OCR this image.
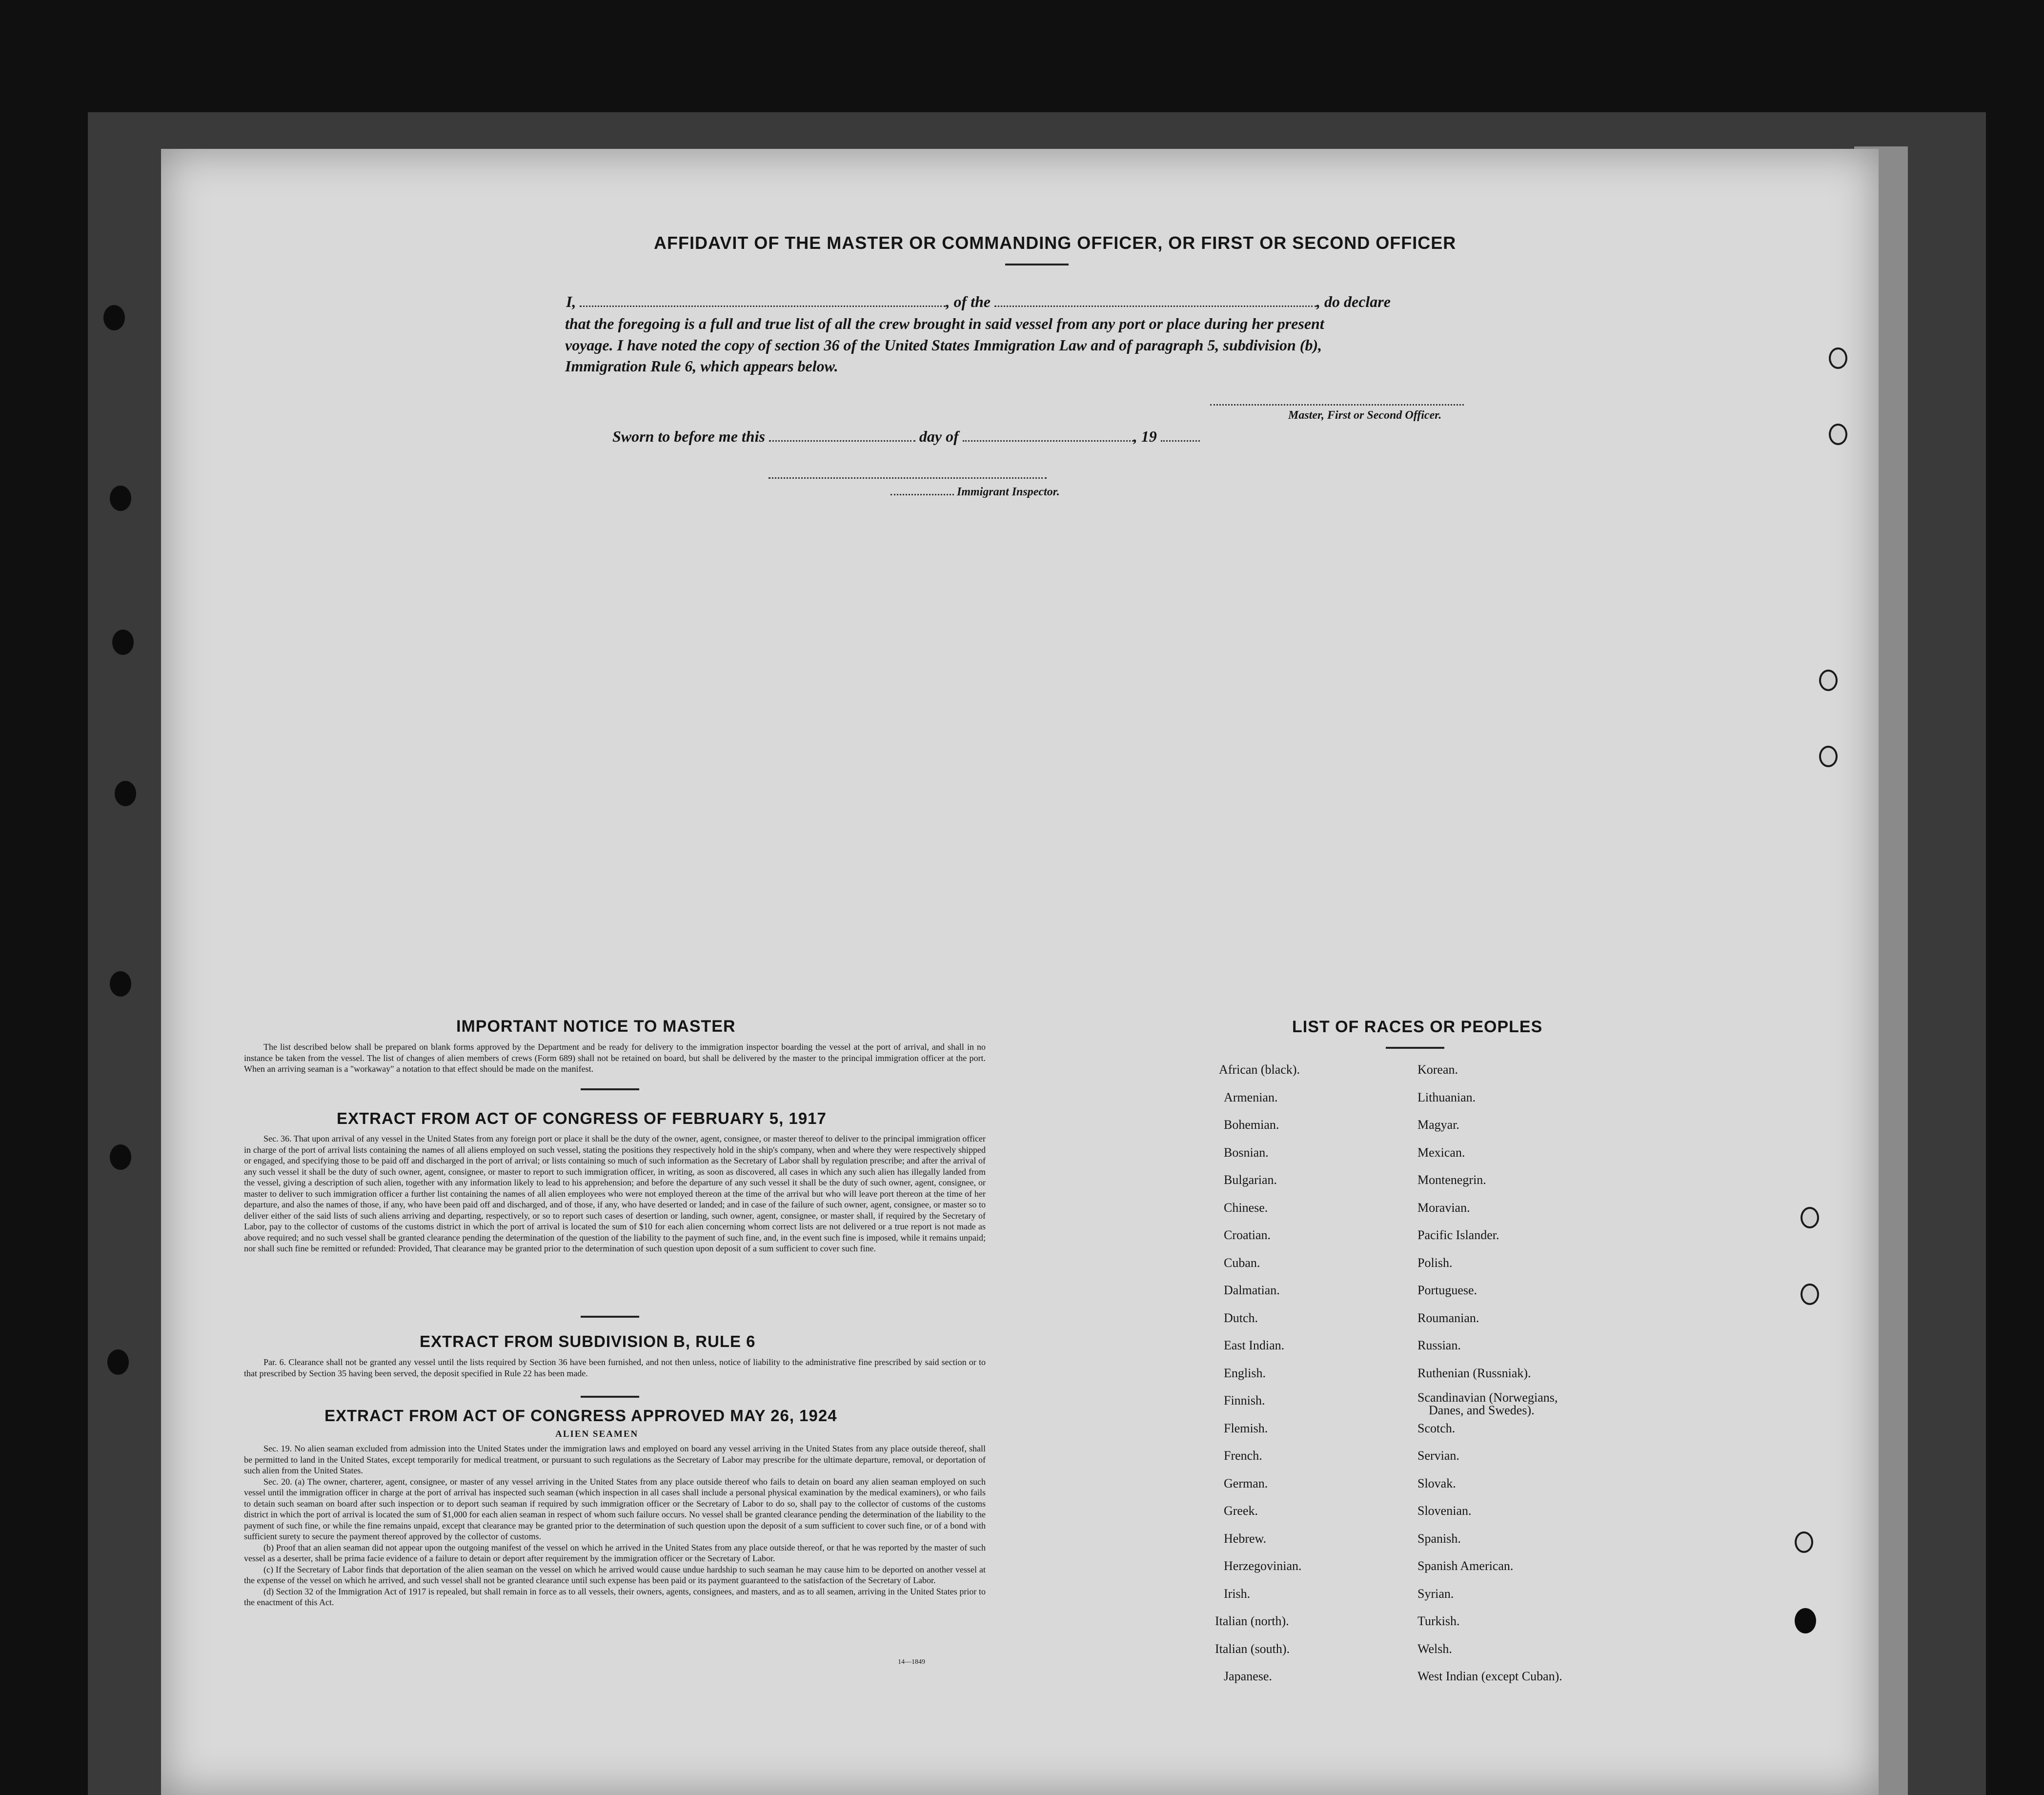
AFFIDAVIT OF THE MASTER OR COMMANDING OFFICER, OR FIRST OR SECOND OFFICER
I,	, of the	, do declare
that the foregoing is a full and true list of all the crew brought in said vessel from any port or place during her present
voyage. I have noted the copy of section 36 of the United States Immigration Law and of paragraph 5, subdivision (b),
Immigration Rule 6, which appears below.
Master, First or Second Officer.
Sworn to before me this	day of	, 19
Immigrant Inspector.
IMPORTANT NOTICE TO MASTER
The list described below shall be prepared on blank forms approved by the Department and be ready for delivery to the immigration inspector boarding the vessel at the port of arrival, and shall in no instance be taken from the vessel. The list of changes of alien members of crews (Form 689) shall not be retained on board, but shall be delivered by the master to the principal immigration officer at the port. When an arriving seaman is a "workaway" a notation to that effect should be made on the manifest.
EXTRACT FROM ACT OF CONGRESS OF FEBRUARY 5, 1917
Sec. 36. That upon arrival of any vessel in the United States from any foreign port or place it shall be the duty of the owner, agent, consignee, or master thereof to deliver to the principal immigration officer in charge of the port of arrival lists containing the names of all aliens employed on such vessel, stating the positions they respectively hold in the ship's company, when and where they were respectively shipped or engaged, and specifying those to be paid off and discharged in the port of arrival; or lists containing so much of such information as the Secretary of Labor shall by regulation prescribe; and after the arrival of any such vessel it shall be the duty of such owner, agent, consignee, or master to report to such immigration officer, in writing, as soon as discovered, all cases in which any such alien has illegally landed from the vessel, giving a description of such alien, together with any information likely to lead to his apprehension; and before the departure of any such vessel it shall be the duty of such owner, agent, consignee, or master to deliver to such immigration officer a further list containing the names of all alien employees who were not employed thereon at the time of the arrival but who will leave port thereon at the time of her departure, and also the names of those, if any, who have been paid off and discharged, and of those, if any, who have deserted or landed; and in case of the failure of such owner, agent, consignee, or master so to deliver either of the said lists of such aliens arriving and departing, respectively, or so to report such cases of desertion or landing, such owner, agent, consignee, or master shall, if required by the Secretary of Labor, pay to the collector of customs of the customs district in which the port of arrival is located the sum of $10 for each alien concerning whom correct lists are not delivered or a true report is not made as above required; and no such vessel shall be granted clearance pending the determination of the question of the liability to the payment of such fine, and, in the event such fine is imposed, while it remains unpaid; nor shall such fine be remitted or refunded: Provided, That clearance may be granted prior to the determination of such question upon deposit of a sum sufficient to cover such fine.
EXTRACT FROM SUBDIVISION B, RULE 6
Par. 6. Clearance shall not be granted any vessel until the lists required by Section 36 have been furnished, and not then unless, notice of liability to the administrative fine prescribed by said section or to that prescribed by Section 35 having been served, the deposit specified in Rule 22 has been made.
EXTRACT FROM ACT OF CONGRESS APPROVED MAY 26, 1924
ALIEN SEAMEN
Sec. 19. No alien seaman excluded from admission into the United States under the immigration laws and employed on board any vessel arriving in the United States from any place outside thereof, shall be permitted to land in the United States, except temporarily for medical treatment, or pursuant to such regulations as the Secretary of Labor may prescribe for the ultimate departure, removal, or deportation of such alien from the United States.
Sec. 20. (a) The owner, charterer, agent, consignee, or master of any vessel arriving in the United States from any place outside thereof who fails to detain on board any alien seaman employed on such vessel until the immigration officer in charge at the port of arrival has inspected such seaman (which inspection in all cases shall include a personal physical examination by the medical examiners), or who fails to detain such seaman on board after such inspection or to deport such seaman if required by such immigration officer or the Secretary of Labor to do so, shall pay to the collector of customs of the customs district in which the port of arrival is located the sum of $1,000 for each alien seaman in respect of whom such failure occurs. No vessel shall be granted clearance pending the determination of the liability to the payment of such fine, or while the fine remains unpaid, except that clearance may be granted prior to the determination of such question upon the deposit of a sum sufficient to cover such fine, or of a bond with sufficient surety to secure the payment thereof approved by the collector of customs.
(b) Proof that an alien seaman did not appear upon the outgoing manifest of the vessel on which he arrived in the United States from any place outside thereof, or that he was reported by the master of such vessel as a deserter, shall be prima facie evidence of a failure to detain or deport after requirement by the immigration officer or the Secretary of Labor.
(c) If the Secretary of Labor finds that deportation of the alien seaman on the vessel on which he arrived would cause undue hardship to such seaman he may cause him to be deported on another vessel at the expense of the vessel on which he arrived, and such vessel shall not be granted clearance until such expense has been paid or its payment guaranteed to the satisfaction of the Secretary of Labor.
(d) Section 32 of the Immigration Act of 1917 is repealed, but shall remain in force as to all vessels, their owners, agents, consignees, and masters, and as to all seamen, arriving in the United States prior to the enactment of this Act.
14—1849
LIST OF RACES OR PEOPLES
African (black).
Armenian.
Bohemian.
Bosnian.
Bulgarian.
Chinese.
Croatian.
Cuban.
Dalmatian.
Dutch.
East Indian.
English.
Finnish.
Flemish.
French.
German.
Greek.
Hebrew.
Herzegovinian.
Irish.
Italian (north).
Italian (south).
Japanese.
Korean.
Lithuanian.
Magyar.
Mexican.
Montenegrin.
Moravian.
Pacific Islander.
Polish.
Portuguese.
Roumanian.
Russian.
Ruthenian (Russniak).
Scandinavian (Norwegians,
Danes, and Swedes).
Scotch.
Servian.
Slovak.
Slovenian.
Spanish.
Spanish American.
Syrian.
Turkish.
Welsh.
West Indian (except Cuban).
